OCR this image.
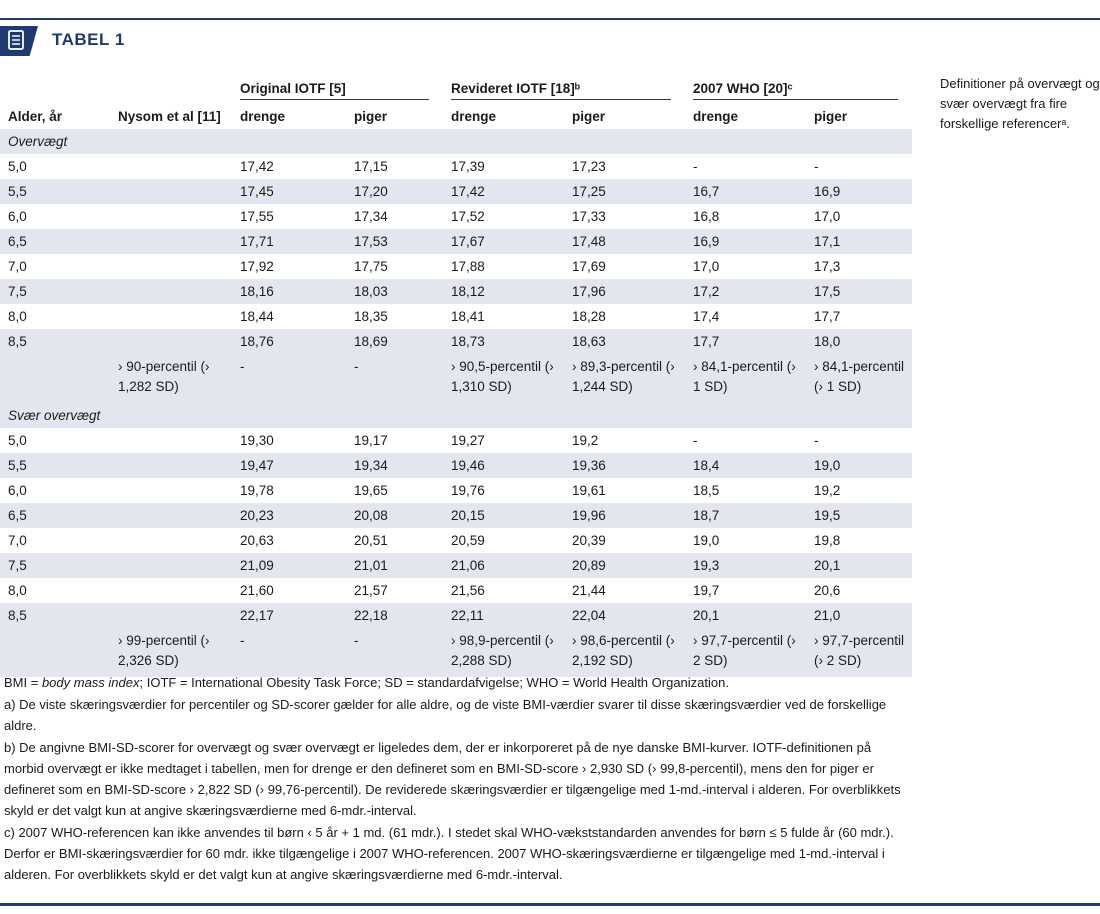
TABEL 1
Definitioner på overvægt og svær overvægt fra fire forskellige referencerᵃ.

		Original IOTF [5]		Revideret IOTF [18]ᵇ		2007 WHO [20]ᶜ	

Alder, år	Nysom et al [11]	drenge	piger	drenge	piger	drenge	piger
Overvægt							
5,0		17,42	17,15	17,39	17,23	-	-
5,5		17,45	17,20	17,42	17,25	16,7	16,9
6,0		17,55	17,34	17,52	17,33	16,8	17,0
6,5		17,71	17,53	17,67	17,48	16,9	17,1
7,0		17,92	17,75	17,88	17,69	17,0	17,3
7,5		18,16	18,03	18,12	17,96	17,2	17,5
8,0		18,44	18,35	18,41	18,28	17,4	17,7
8,5		18,76	18,69	18,73	18,63	17,7	18,0
	› 90-percentil (› 1,282 SD)	-	-	› 90,5-percentil (› 1,310 SD)	› 89,3-percentil (› 1,244 SD)	› 84,1-percentil (› 1 SD)	› 84,1-percentil (› 1 SD)
Svær overvægt							
5,0		19,30	19,17	19,27	19,2	-	-
5,5		19,47	19,34	19,46	19,36	18,4	19,0
6,0		19,78	19,65	19,76	19,61	18,5	19,2
6,5		20,23	20,08	20,15	19,96	18,7	19,5
7,0		20,63	20,51	20,59	20,39	19,0	19,8
7,5		21,09	21,01	21,06	20,89	19,3	20,1
8,0		21,60	21,57	21,56	21,44	19,7	20,6
8,5		22,17	22,18	22,11	22,04	20,1	21,0
	› 99-percentil (› 2,326 SD)	-	-	› 98,9-percentil (› 2,288 SD)	› 98,6-percentil (› 2,192 SD)	› 97,7-percentil (› 2 SD)	› 97,7-percentil (› 2 SD)

BMI = body mass index; IOTF = International Obesity Task Force; SD = standardafvigelse; WHO = World Health Organization.

a) De viste skæringsværdier for percentiler og SD-scorer gælder for alle aldre, og de viste BMI-værdier svarer til disse skæringsværdier ved de forskellige aldre.

b) De angivne BMI-SD-scorer for overvægt og svær overvægt er ligeledes dem, der er inkorporeret på de nye danske BMI-kurver. IOTF-definitionen på morbid overvægt er ikke medtaget i tabellen, men for drenge er den defineret som en BMI-SD-score › 2,930 SD (› 99,8-percentil), mens den for piger er defineret som en BMI-SD-score › 2,822 SD (› 99,76-percentil). De reviderede skæringsværdier er tilgængelige med 1-md.-interval i alderen. For overblikkets skyld er det valgt kun at angive skæringsværdierne med 6-mdr.-interval.

c) 2007 WHO-referencen kan ikke anvendes til børn ‹ 5 år + 1 md. (61 mdr.). I stedet skal WHO-vækststandarden anvendes for børn ≤ 5 fulde år (60 mdr.). Derfor er BMI-skæringsværdier for 60 mdr. ikke tilgængelige i 2007 WHO-referencen. 2007 WHO-skæringsværdierne er tilgængelige med 1-md.-interval i alderen. For overblikkets skyld er det valgt kun at angive skæringsværdierne med 6-mdr.-interval.
